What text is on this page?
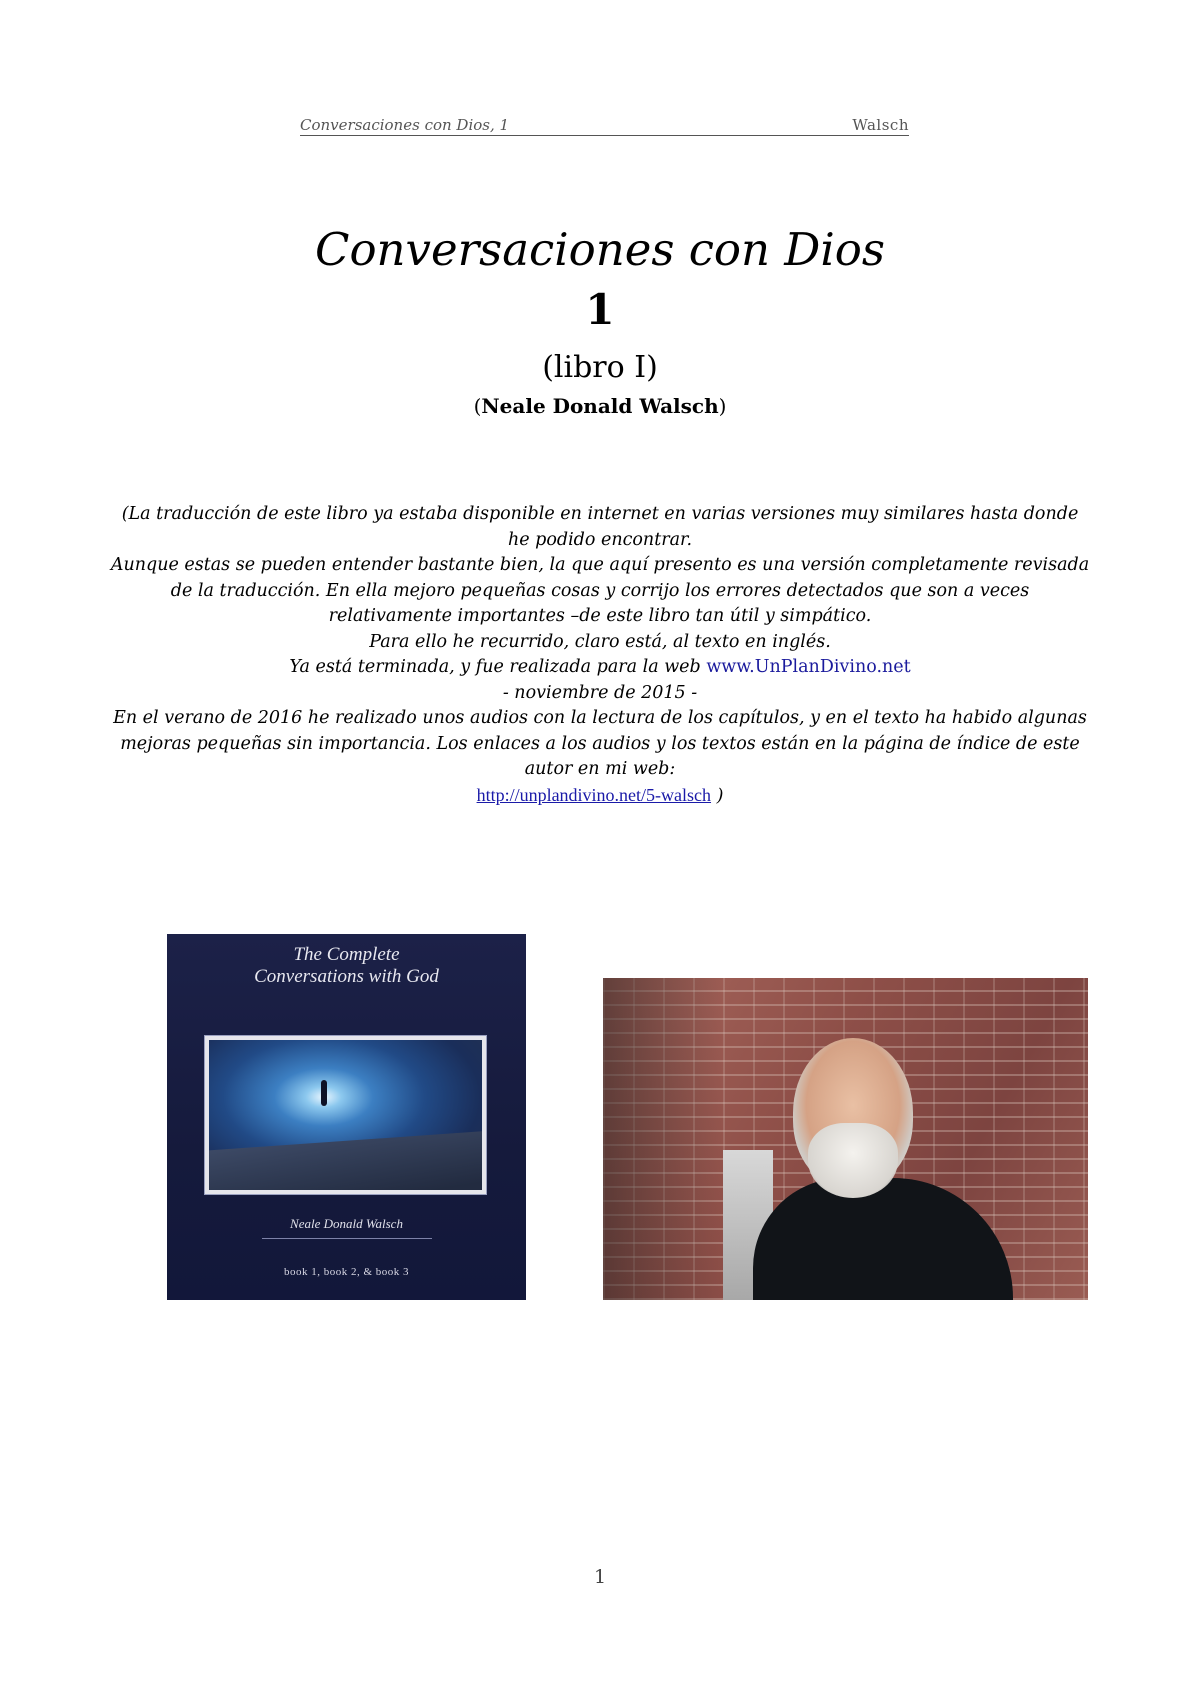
Conversaciones con Dios, 1	Walsch
Conversaciones con Dios
1
(libro I)
(Neale Donald Walsch)

(La traducción de este libro ya estaba disponible en internet en varias versiones muy similares hasta donde he podido encontrar.

Aunque estas se pueden entender bastante bien, la que aquí presento es una versión completamente revisada de la traducción. En ella mejoro pequeñas cosas y corrijo los errores detectados que son a veces relativamente importantes –de este libro tan útil y simpático.

Para ello he recurrido, claro está, al texto en inglés.

Ya está terminada, y fue realizada para la web www.UnPlanDivino.net

- noviembre de 2015 -

En el verano de 2016 he realizado unos audios con la lectura de los capítulos, y en el texto ha habido algunas mejoras pequeñas sin importancia. Los enlaces a los audios y los textos están en la página de índice de este autor en mi web:

http://unplandivino.net/5-walsch )

The Complete
Conversations with God
Neale Donald Walsch
book 1, book 2, & book 3
1
